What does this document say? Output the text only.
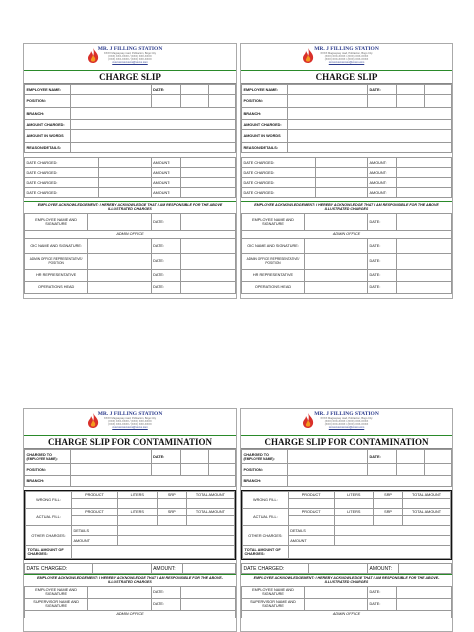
MR. J FILLING STATION
XXXX Magsaysay road, Poblacion, Bogo City
(XXX) XXX-XXXX / (XXX) XXX-XXXX
(XXX) XXX-XXXX / (XXX) XXX-XXXX
xxxxxxxxxxxxxxxx@xxxxx.com
CHARGE SLIP
EMPLOYEE NAME:		DATE:		
POSITION:				
BRANCH:				
AMOUNT CHARGED:				
AMOUNT IN WORDS				
REASON/DETAILS:				
DATE CHARGED:		AMOUNT:	
DATE CHARGED:		AMOUNT:	
DATE CHARGED:		AMOUNT:	
DATE CHARGED:		AMOUNT:	
EMPLOYEE ACKNOWLEDGEMENT: I HEREBY ACKNOWLEDGE THAT I AM RESPONSIBLE FOR THE ABOVE ILLUSTRATED CHARGES
EMPLOYEE NAME AND SIGNATURE		DATE:	
ADMIN OFFICE
OIC NAME AND SIGNATURE:		DATE:	
ADMIN OFFICE REPRESENTATIVE/ POSITION		DATE:	
HR REPRESENTATIVE		DATE:	
OPERATIONS HEAD		DATE:	
MR. J FILLING STATION
XXXX Magsaysay road, Poblacion, Bogo City
(XXX) XXX-XXXX / (XXX) XXX-XXXX
(XXX) XXX-XXXX / (XXX) XXX-XXXX
xxxxxxxxxxxxxxxx@xxxxx.com
CHARGE SLIP
EMPLOYEE NAME:		DATE:		
POSITION:				
BRANCH:				
AMOUNT CHARGED:				
AMOUNT IN WORDS				
REASON/DETAILS:				
DATE CHARGED:		AMOUNT:	
DATE CHARGED:		AMOUNT:	
DATE CHARGED:		AMOUNT:	
DATE CHARGED:		AMOUNT:	
EMPLOYEE ACKNOWLEDGEMENT: I HEREBY ACKNOWLEDGE THAT I AM RESPONSIBLE FOR THE ABOVE ILLUSTRATED CHARGES
EMPLOYEE NAME AND SIGNATURE		DATE:	
ADMIN OFFICE
OIC NAME AND SIGNATURE:		DATE:	
ADMIN OFFICE REPRESENTATIVE/ POSITION		DATE:	
HR REPRESENTATIVE		DATE:	
OPERATIONS HEAD		DATE:	
MR. J FILLING STATION
XXXX Magsaysay road, Poblacion, Bogo City
(XXX) XXX-XXXX / (XXX) XXX-XXXX
(XXX) XXX-XXXX / (XXX) XXX-XXXX
xxxxxxxxxxxxxxxx@xxxxx.com
CHARGE SLIP FOR CONTAMINATION
CHARGED TO
(EMPLOYEE NAME):		DATE:		
POSITION:				
BRANCH:				
WRONG FILL:	PRODUCT	LITERS	SRP	TOTAL AMOUNT

ACTUAL FILL:	PRODUCT	LITERS	SRP	TOTAL AMOUNT

OTHER CHARGES:	DETAILS			
	AMOUNT			
TOTAL AMOUNT OF CHARGES:				
DATE CHARGED:		AMOUNT:	
EMPLOYEE ACKNOWLEDGEMENT: I HEREBY ACKNOWLEDGE THAT I AM RESPONSIBLE FOR THE ABOVE-ILLUSTRATED CHARGES
EMPLOYEE NAME AND SIGNATURE		DATE:	
SUPERVISOR NAME AND SIGNATURE		DATE:	
ADMIN OFFICE
MR. J FILLING STATION
XXXX Magsaysay road, Poblacion, Bogo City
(XXX) XXX-XXXX / (XXX) XXX-XXXX
(XXX) XXX-XXXX / (XXX) XXX-XXXX
xxxxxxxxxxxxxxxx@xxxxx.com
CHARGE SLIP FOR CONTAMINATION
CHARGED TO
(EMPLOYEE NAME):		DATE:		
POSITION:				
BRANCH:				
WRONG FILL:	PRODUCT	LITERS	SRP	TOTAL AMOUNT

ACTUAL FILL:	PRODUCT	LITERS	SRP	TOTAL AMOUNT

OTHER CHARGES:	DETAILS			
	AMOUNT			
TOTAL AMOUNT OF CHARGES:				
DATE CHARGED:		AMOUNT:	
EMPLOYEE ACKNOWLEDGEMENT: I HEREBY ACKNOWLEDGE THAT I AM RESPONSIBLE FOR THE ABOVE-ILLUSTRATED CHARGES
EMPLOYEE NAME AND SIGNATURE		DATE:	
SUPERVISOR NAME AND SIGNATURE		DATE:	
ADMIN OFFICE
